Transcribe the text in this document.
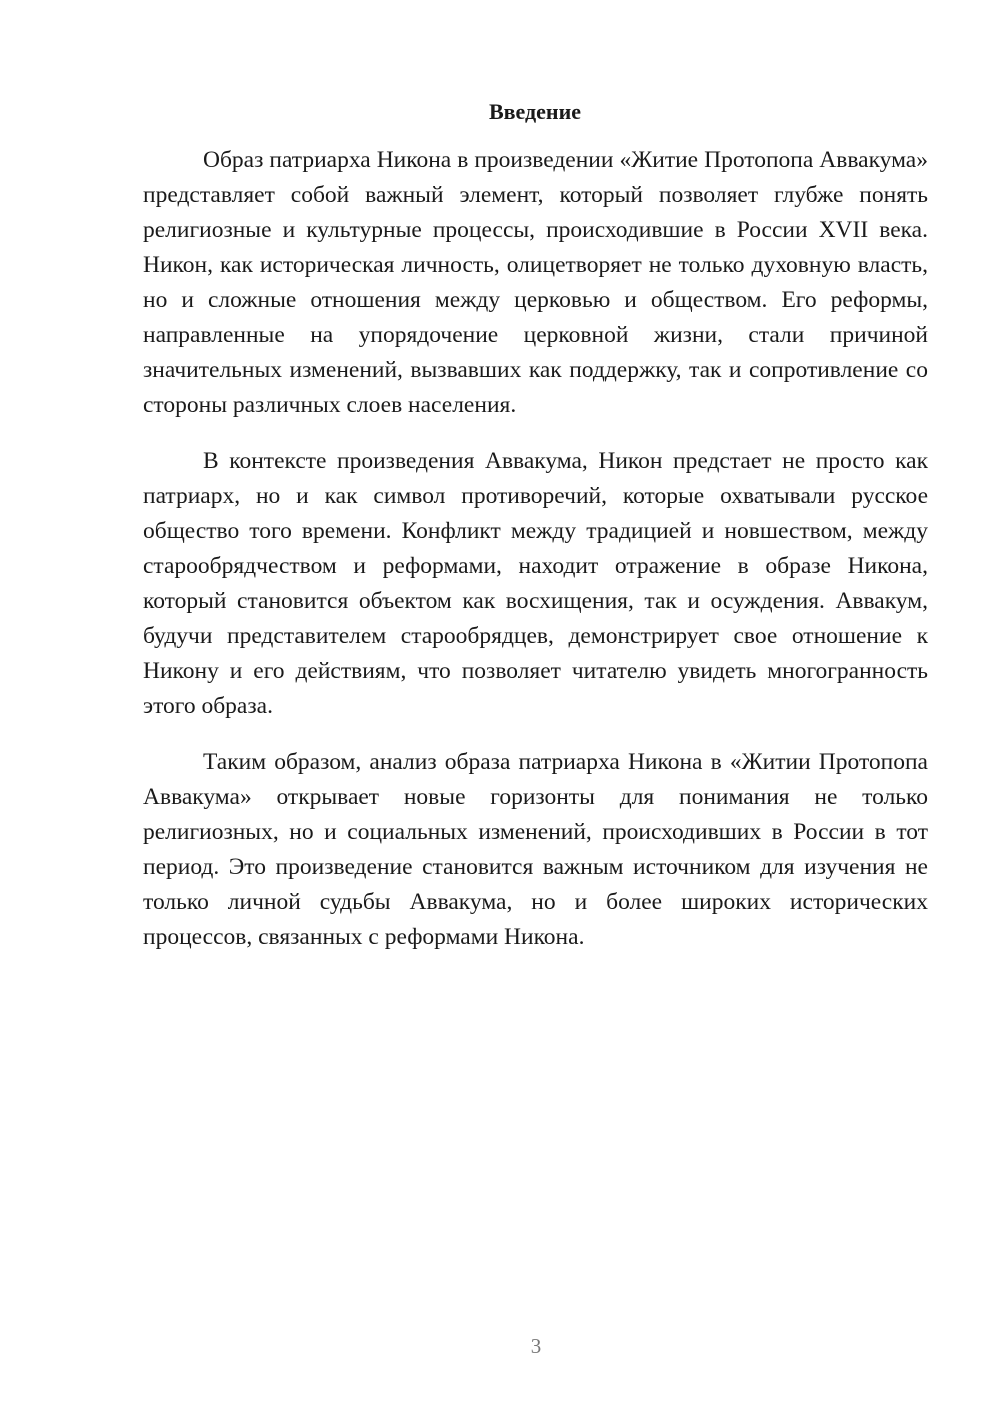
Введение

Образ патриарха Никона в произведении «Житие Протопопа Аввакума» представляет собой важный элемент, который позволяет глубже понять религиозные и культурные процессы, происходившие в России XVII века. Никон, как историческая личность, олицетворяет не только духовную власть, но и сложные отношения между церковью и обществом. Его реформы, направленные на упорядочение церковной жизни, стали причиной значительных изменений, вызвавших как поддержку, так и сопротивление со стороны различных слоев населения.

В контексте произведения Аввакума, Никон предстает не просто как патриарх, но и как символ противоречий, которые охватывали русское общество того времени. Конфликт между традицией и новшеством, между старообрядчеством и реформами, находит отражение в образе Никона, который становится объектом как восхищения, так и осуждения. Аввакум, будучи представителем старообрядцев, демонстрирует свое отношение к Никону и его действиям, что позволяет читателю увидеть многогранность этого образа.

Таким образом, анализ образа патриарха Никона в «Житии Протопопа Аввакума» открывает новые горизонты для понимания не только религиозных, но и социальных изменений, происходивших в России в тот период. Это произведение становится важным источником для изучения не только личной судьбы Аввакума, но и более широких исторических процессов, связанных с реформами Никона.

3
